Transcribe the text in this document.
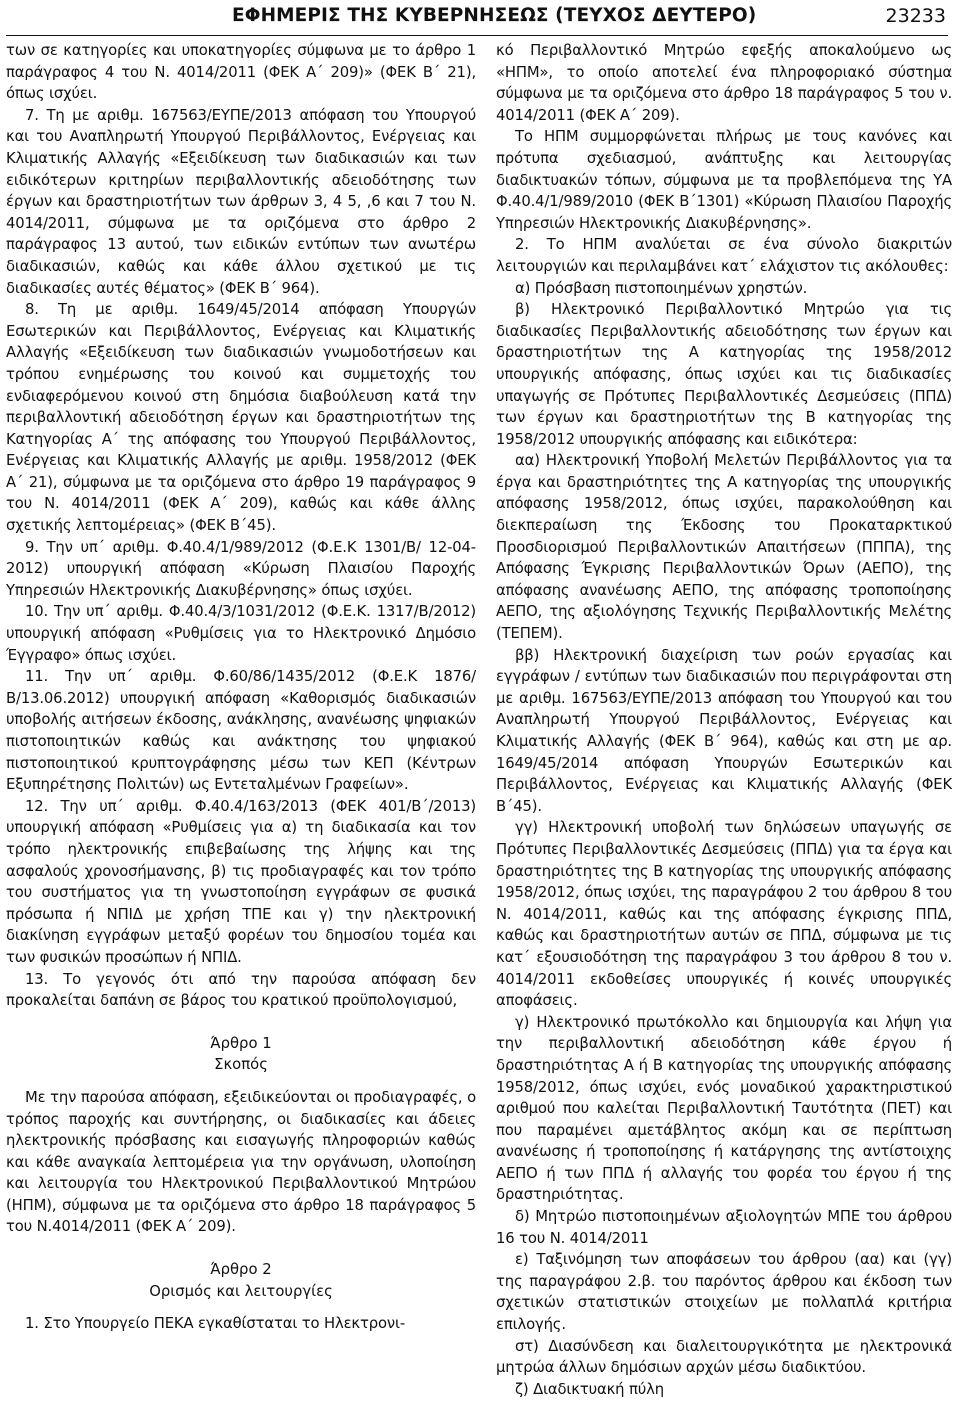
ΕΦΗΜΕΡΙΣ ΤΗΣ ΚΥΒΕΡΝΗΣΕΩΣ (ΤΕΥΧΟΣ ΔΕΥΤΕΡΟ)	23233

των σε κατηγορίες και υποκατηγορίες σύμφωνα με το άρθρο 1 παράγραφος 4 του Ν. 4014/2011 (ΦΕΚ Α΄ 209)» (ΦΕΚ Β΄ 21), όπως ισχύει.

7. Τη με αριθμ. 167563/ΕΥΠΕ/2013 απόφαση του Υπουργού και του Αναπληρωτή Υπουργού Περιβάλλοντος, Ενέργειας και Κλιματικής Αλλαγής «Εξειδίκευση των διαδικασιών και των ειδικότερων κριτηρίων περιβαλλοντικής αδειοδότησης των έργων και δραστηριοτήτων των άρθρων 3, 4 5, ,6 και 7 του Ν. 4014/2011, σύμφωνα με τα οριζόμενα στο άρθρο 2 παράγραφος 13 αυτού, των ειδικών εντύπων των ανωτέρω διαδικασιών, καθώς και κάθε άλλου σχετικού με τις διαδικασίες αυτές θέματος» (ΦΕΚ Β΄ 964).

8. Τη με αριθμ. 1649/45/2014 απόφαση Υπουργών Εσωτερικών και Περιβάλλοντος, Ενέργειας και Κλιματικής Αλλαγής «Εξειδίκευση των διαδικασιών γνωμοδοτήσεων και τρόπου ενημέρωσης του κοινού και συμμετοχής του ενδιαφερόμενου κοινού στη δημόσια διαβούλευση κατά την περιβαλλοντική αδειοδότηση έργων και δραστηριοτήτων της Κατηγορίας Α΄ της απόφασης του Υπουργού Περιβάλλοντος, Ενέργειας και Κλιματικής Αλλαγής με αριθμ. 1958/2012 (ΦΕΚ Α΄ 21), σύμφωνα με τα οριζόμενα στο άρθρο 19 παράγραφος 9 του Ν. 4014/2011 (ΦΕΚ Α΄ 209), καθώς και κάθε άλλης σχετικής λεπτομέρειας» (ΦΕΚ Β΄45).

9. Την υπ΄ αριθμ. Φ.40.4/1/989/2012 (Φ.Ε.Κ 1301/Β/ 12-04-2012) υπουργική απόφαση «Κύρωση Πλαισίου Παροχής Υπηρεσιών Ηλεκτρονικής Διακυβέρνησης» όπως ισχύει.

10. Την υπ΄ αριθμ. Φ.40.4/3/1031/2012 (Φ.Ε.Κ. 1317/Β/2012) υπουργική απόφαση «Ρυθμίσεις για το Ηλεκτρονικό Δημόσιο Έγγραφο» όπως ισχύει.

11. Την υπ΄ αριθμ. Φ.60/86/1435/2012 (Φ.Ε.Κ 1876/Β/13.06.2012) υπουργική απόφαση «Καθορισμός διαδικασιών υποβολής αιτήσεων έκδοσης, ανάκλησης, ανανέωσης ψηφιακών πιστοποιητικών καθώς και ανάκτησης του ψηφιακού πιστοποιητικού κρυπτογράφησης μέσω των ΚΕΠ (Κέντρων Εξυπηρέτησης Πολιτών) ως Εντεταλμένων Γραφείων».

12. Την υπ΄ αριθμ. Φ.40.4/163/2013 (ΦΕΚ 401/Β΄/2013) υπουργική απόφαση «Ρυθμίσεις για α) τη διαδικασία και τον τρόπο ηλεκτρονικής επιβεβαίωσης της λήψης και της ασφαλούς χρονοσήμανσης, β) τις προδιαγραφές και τον τρόπο του συστήματος για τη γνωστοποίηση εγγράφων σε φυσικά πρόσωπα ή ΝΠΙΔ με χρήση ΤΠΕ και γ) την ηλεκτρονική διακίνηση εγγράφων μεταξύ φορέων του δημοσίου τομέα και των φυσικών προσώπων ή ΝΠΙΔ.

13. Το γεγονός ότι από την παρούσα απόφαση δεν προκαλείται δαπάνη σε βάρος του κρατικού προϋπολογισμού,

Άρθρο 1

Σκοπός

Με την παρούσα απόφαση, εξειδικεύονται οι προδιαγραφές, ο τρόπος παροχής και συντήρησης, οι διαδικασίες και άδειες ηλεκτρονικής πρόσβασης και εισαγωγής πληροφοριών καθώς και κάθε αναγκαία λεπτομέρεια για την οργάνωση, υλοποίηση και λειτουργία του Ηλεκτρονικού Περιβαλλοντικού Μητρώου (ΗΠΜ), σύμφωνα με τα οριζόμενα στο άρθρο 18 παράγραφος 5 του Ν.4014/2011 (ΦΕΚ Α΄ 209).

Άρθρο 2

Ορισμός και λειτουργίες

1. Στο Υπουργείο ΠΕΚΑ εγκαθίσταται το Ηλεκτρονι-

κό Περιβαλλοντικό Μητρώο εφεξής αποκαλούμενο ως «ΗΠΜ», το οποίο αποτελεί ένα πληροφοριακό σύστημα σύμφωνα με τα οριζόμενα στο άρθρο 18 παράγραφος 5 του ν. 4014/2011 (ΦΕΚ Α΄ 209).

Το ΗΠΜ συμμορφώνεται πλήρως με τους κανόνες και πρότυπα σχεδιασμού, ανάπτυξης και λειτουργίας διαδικτυακών τόπων, σύμφωνα με τα προβλεπόμενα της ΥΑ Φ.40.4/1/989/2010 (ΦΕΚ Β΄1301) «Κύρωση Πλαισίου Παροχής Υπηρεσιών Ηλεκτρονικής Διακυβέρνησης».

2. Το ΗΠΜ αναλύεται σε ένα σύνολο διακριτών λειτουργιών και περιλαμβάνει κατ΄ ελάχιστον τις ακόλουθες:

α) Πρόσβαση πιστοποιημένων χρηστών.

β) Ηλεκτρονικό Περιβαλλοντικό Μητρώο για τις διαδικασίες Περιβαλλοντικής αδειοδότησης των έργων και δραστηριοτήτων της Α κατηγορίας της 1958/2012 υπουργικής απόφασης, όπως ισχύει και τις διαδικασίες υπαγωγής σε Πρότυπες Περιβαλλοντικές Δεσμεύσεις (ΠΠΔ) των έργων και δραστηριοτήτων της Β κατηγορίας της 1958/2012 υπουργικής απόφασης και ειδικότερα:

αα) Ηλεκτρονική Υποβολή Μελετών Περιβάλλοντος για τα έργα και δραστηριότητες της Α κατηγορίας της υπουργικής απόφασης 1958/2012, όπως ισχύει, παρακολούθηση και διεκπεραίωση της Έκδοσης του Προκαταρκτικού Προσδιορισμού Περιβαλλοντικών Απαιτήσεων (ΠΠΠΑ), της Απόφασης Έγκρισης Περιβαλλοντικών Όρων (ΑΕΠΟ), της απόφασης ανανέωσης ΑΕΠΟ, της απόφασης τροποποίησης ΑΕΠΟ, της αξιολόγησης Τεχνικής Περιβαλλοντικής Μελέτης (ΤΕΠΕΜ).

ββ) Ηλεκτρονική διαχείριση των ροών εργασίας και εγγράφων / εντύπων των διαδικασιών που περιγράφονται στη με αριθμ. 167563/ΕΥΠΕ/2013 απόφαση του Υπουργού και του Αναπληρωτή Υπουργού Περιβάλλοντος, Ενέργειας και Κλιματικής Αλλαγής (ΦΕΚ Β΄ 964), καθώς και στη με αρ. 1649/45/2014 απόφαση Υπουργών Εσωτερικών και Περιβάλλοντος, Ενέργειας και Κλιματικής Αλλαγής (ΦΕΚ Β΄45).

γγ) Ηλεκτρονική υποβολή των δηλώσεων υπαγωγής σε Πρότυπες Περιβαλλοντικές Δεσμεύσεις (ΠΠΔ) για τα έργα και δραστηριότητες της Β κατηγορίας της υπουργικής απόφασης 1958/2012, όπως ισχύει, της παραγράφου 2 του άρθρου 8 του Ν. 4014/2011, καθώς και της απόφασης έγκρισης ΠΠΔ, καθώς και δραστηριοτήτων αυτών σε ΠΠΔ, σύμφωνα με τις κατ΄ εξουσιοδότηση της παραγράφου 3 του άρθρου 8 του ν. 4014/2011 εκδοθείσες υπουργικές ή κοινές υπουργικές αποφάσεις.

γ) Ηλεκτρονικό πρωτόκολλο και δημιουργία και λήψη για την περιβαλλοντική αδειοδότηση κάθε έργου ή δραστηριότητας Α ή Β κατηγορίας της υπουργικής απόφασης 1958/2012, όπως ισχύει, ενός μοναδικού χαρακτηριστικού αριθμού που καλείται Περιβαλλοντική Ταυτότητα (ΠΕΤ) και που παραμένει αμετάβλητος ακόμη και σε περίπτωση ανανέωσης ή τροποποίησης ή κατάργησης της αντίστοιχης ΑΕΠΟ ή των ΠΠΔ ή αλλαγής του φορέα του έργου ή της δραστηριότητας.

δ) Μητρώο πιστοποιημένων αξιολογητών ΜΠΕ του άρθρου 16 του Ν. 4014/2011

ε) Ταξινόμηση των αποφάσεων του άρθρου (αα) και (γγ) της παραγράφου 2.β. του παρόντος άρθρου και έκδοση των σχετικών στατιστικών στοιχείων με πολλαπλά κριτήρια επιλογής.

στ) Διασύνδεση και διαλειτουργικότητα με ηλεκτρονικά μητρώα άλλων δημόσιων αρχών μέσω διαδικτύου.

ζ) Διαδικτυακή πύλη
